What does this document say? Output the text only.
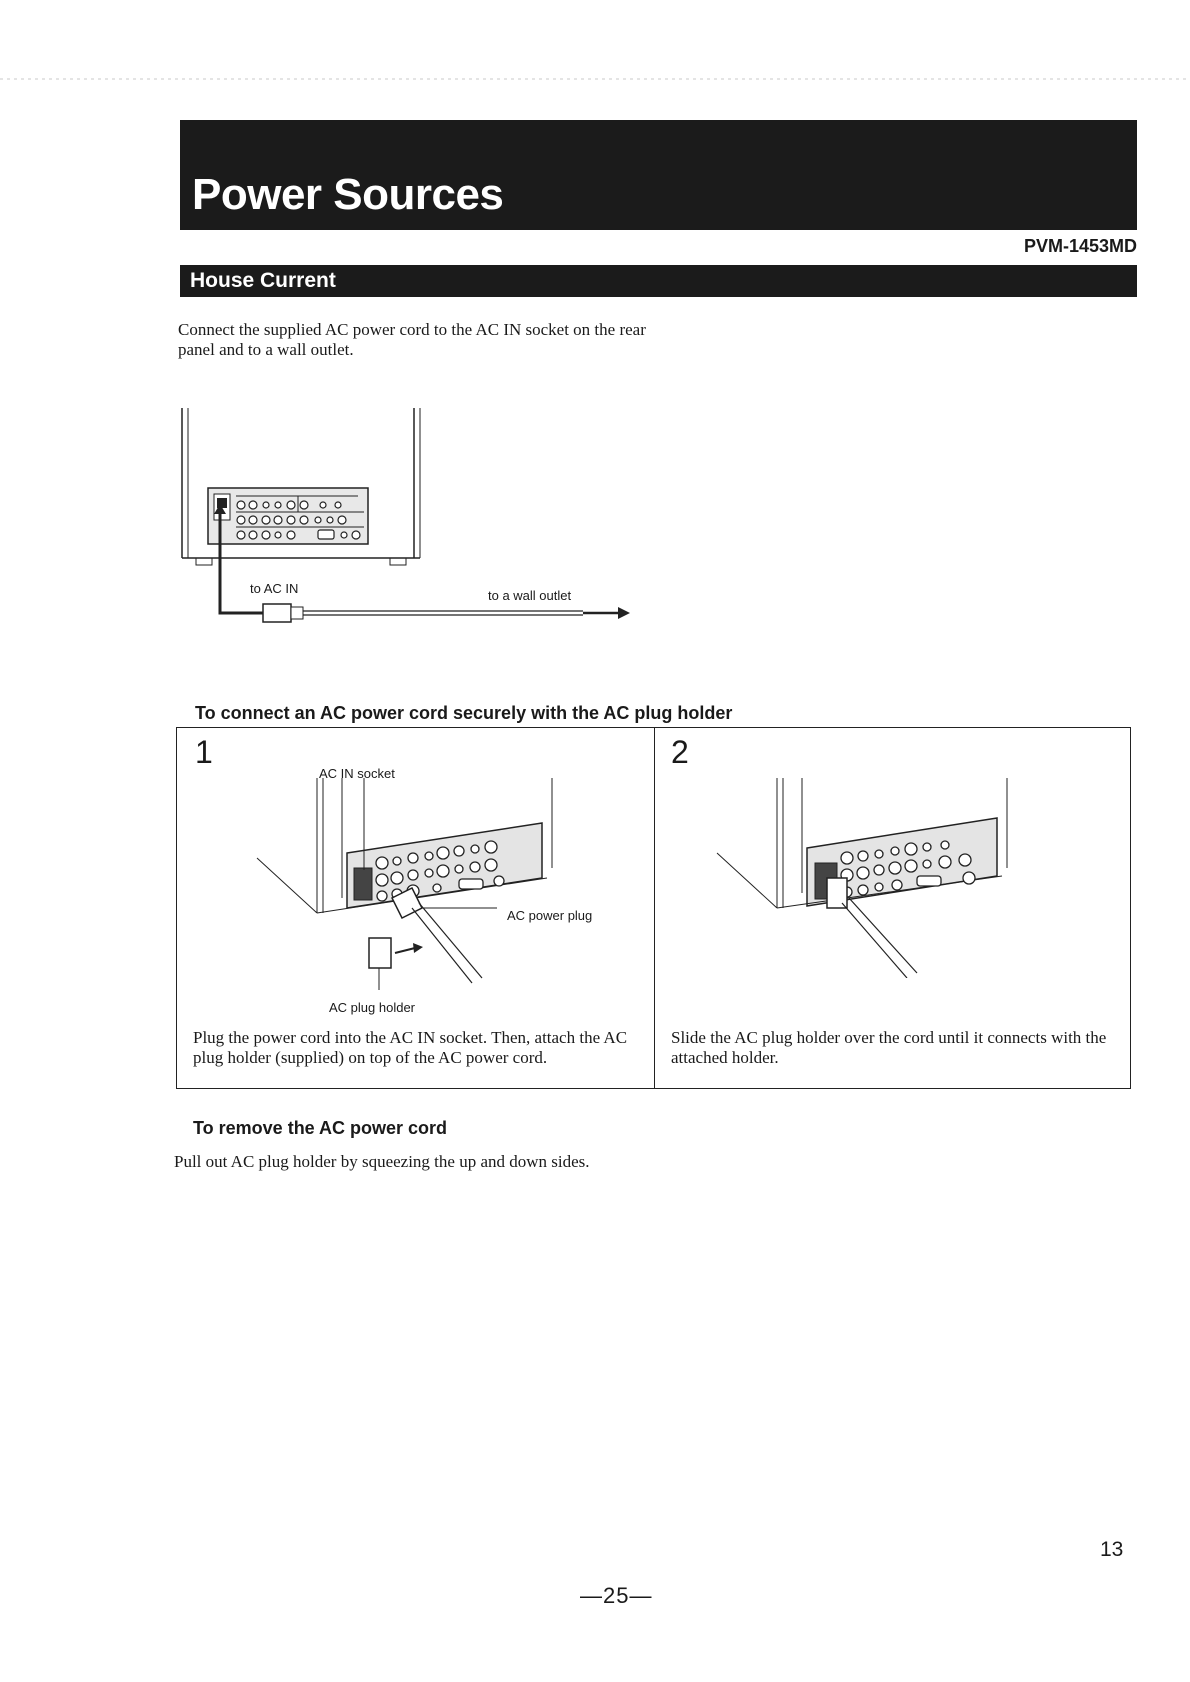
Power Sources
PVM-1453MD
House Current
Connect the supplied AC power cord to the AC IN socket on the rear panel and to a wall outlet.
to AC IN	to a wall outlet
To connect an AC power cord securely with the AC plug holder
1
AC IN socket
AC power plug
AC plug holder
Plug the power cord into the AC IN socket. Then, attach the AC plug holder (supplied) on top of the AC power cord.
2
Slide the AC plug holder over the cord until it connects with the attached holder.
To remove the AC power cord
Pull out AC plug holder by squeezing the up and down sides.
13
—25—
